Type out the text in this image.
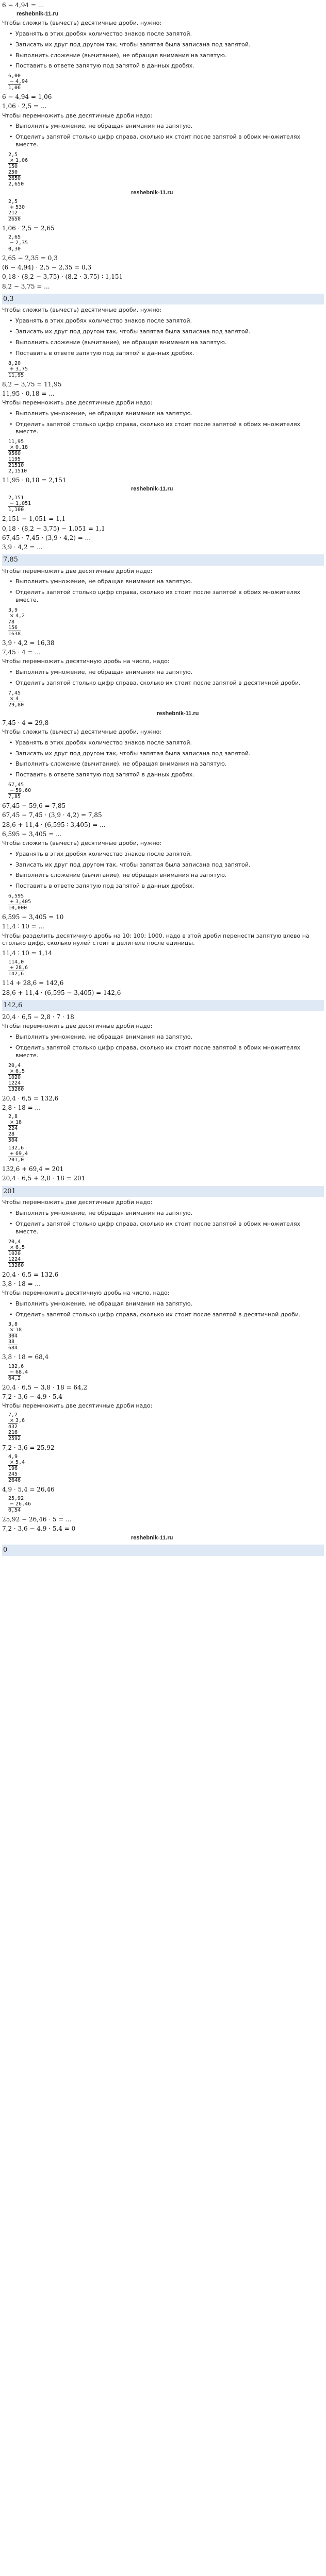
6 − 4,94 = ...
reshebnik-11.ru
Чтобы сложить (вычесть) десятичные дроби, нужно:
• Уравнять в этих дробях количество знаков после запятой.
• Записать их друг под другом так, чтобы запятая была записана под запятой.
• Выполнить сложение (вычитание), не обращая внимания на запятую.
• Поставить в ответе запятую под запятой в данных дробях.
6,00
− 4,94
1,06
6 − 4,94 = 1,06
1,06 · 2,5 = ...
Чтобы перемножить две десятичные дроби надо:
• Выполнить умножение, не обращая внимания на запятую.
• Отделить запятой столько цифр справа, сколько их стоит после запятой в обоих множителях вместе.
2,5
× 1,06
150
250
2650
2,650
reshebnik-11.ru
2,5
+ 530
212
2650
1,06 · 2,5 = 2,65
2,65
− 2,35
0,30
2,65 − 2,35 = 0,3
(6 − 4,94) · 2,5 − 2,35 = 0,3
0,18 · (8,2 − 3,75) · (8,2 · 3,75) ∶ 1,151
8,2 − 3,75 = ...
0,3
Чтобы сложить (вычесть) десятичные дроби, нужно:
• Уравнять в этих дробях количество знаков после запятой.
• Записать их друг под другом так, чтобы запятая была записана под запятой.
• Выполнить сложение (вычитание), не обращая внимания на запятую.
• Поставить в ответе запятую под запятой в данных дробях.
8,20
+ 3,75
11,95
8,2 − 3,75 = 11,95
11,95 · 0,18 = ...
Чтобы перемножить две десятичные дроби надо:
• Выполнить умножение, не обращая внимания на запятую.
• Отделить запятой столько цифр справа, сколько их стоит после запятой в обоих множителях вместе.
11,95
× 0,18
9560
1195
21510
2,1510
11,95 · 0,18 = 2,151
reshebnik-11.ru
2,151
− 1,051
1,100
2,151 − 1,051 = 1,1
0,18 · (8,2 − 3,75) − 1,051 = 1,1
67,45 · 7,45 · (3,9 · 4,2) = ...
3,9 · 4,2 = ...
7,85
Чтобы перемножить две десятичные дроби надо:
• Выполнить умножение, не обращая внимания на запятую.
• Отделить запятой столько цифр справа, сколько их стоит после запятой в обоих множителях вместе.
3,9
× 4,2
78
156
1638
3,9 · 4,2 = 16,38
7,45 · 4 = ...
Чтобы перемножить десятичную дробь на число, надо:
• Выполнить умножение, не обращая внимания на запятую.
• Отделить запятой столько цифр справа, сколько их стоит после запятой в десятичной дроби.
7,45
× 4
29,80
reshebnik-11.ru
7,45 · 4 = 29,8
Чтобы сложить (вычесть) десятичные дроби, нужно:
• Уравнять в этих дробях количество знаков после запятой.
• Записать их друг под другом так, чтобы запятая была записана под запятой.
• Выполнить сложение (вычитание), не обращая внимания на запятую.
• Поставить в ответе запятую под запятой в данных дробях.
67,45
− 59,60
7,85
67,45 − 59,6 = 7,85
67,45 − 7,45 · (3,9 · 4,2) = 7,85
28,6 + 11,4 · (6,595 ∶ 3,405) = ...
6,595 − 3,405 = ...
Чтобы сложить (вычесть) десятичные дроби, нужно:
• Уравнять в этих дробях количество знаков после запятой.
• Записать их друг под другом так, чтобы запятая была записана под запятой.
• Выполнить сложение (вычитание), не обращая внимания на запятую.
• Поставить в ответе запятую под запятой в данных дробях.
6,595
+ 3,405
10,000
6,595 − 3,405 = 10
11,4 ∶ 10 = ...
Чтобы разделить десятичную дробь на 10; 100; 1000, надо в этой дроби перенести запятую влево на столько цифр, сколько нулей стоит в делителе после единицы.
11,4 ∶ 10 = 1,14
114,0
+ 28,6
142,6
114 + 28,6 = 142,6
28,6 + 11,4 · (6,595 − 3,405) = 142,6
142,6
20,4 · 6,5 − 2,8 · 7 · 18
Чтобы перемножить две десятичные дроби надо:
• Выполнить умножение, не обращая внимания на запятую.
• Отделить запятой столько цифр справа, сколько их стоит после запятой в обоих множителях вместе.
20,4
× 6,5
1020
1224
13260
20,4 · 6,5 = 132,6
2,8 · 18 = ...
2,8
× 18
224
28
504
132,6
+ 69,4
201,0
132,6 + 69,4 = 201
20,4 · 6,5 + 2,8 · 18 = 201
201
Чтобы перемножить две десятичные дроби надо:
• Выполнить умножение, не обращая внимания на запятую.
• Отделить запятой столько цифр справа, сколько их стоит после запятой в обоих множителях вместе.
20,4
× 6,5
1020
1224
13260
20,4 · 6,5 = 132,6
3,8 · 18 = ...
Чтобы перемножить десятичную дробь на число, надо:
• Выполнить умножение, не обращая внимания на запятую.
• Отделить запятой столько цифр справа, сколько их стоит после запятой в десятичной дроби.
3,8
× 18
304
38
684
3,8 · 18 = 68,4
132,6
− 68,4
64,2
20,4 · 6,5 − 3,8 · 18 = 64,2
7,2 · 3,6 − 4,9 · 5,4
Чтобы перемножить две десятичные дроби надо:
7,2
× 3,6
432
216
2592
7,2 · 3,6 = 25,92
4,9
× 5,4
196
245
2646
4,9 · 5,4 = 26,46
25,92
− 26,46
0,54
25,92 − 26,46 · 5 = ...
7,2 · 3,6 − 4,9 · 5,4 = 0
reshebnik-11.ru
0
